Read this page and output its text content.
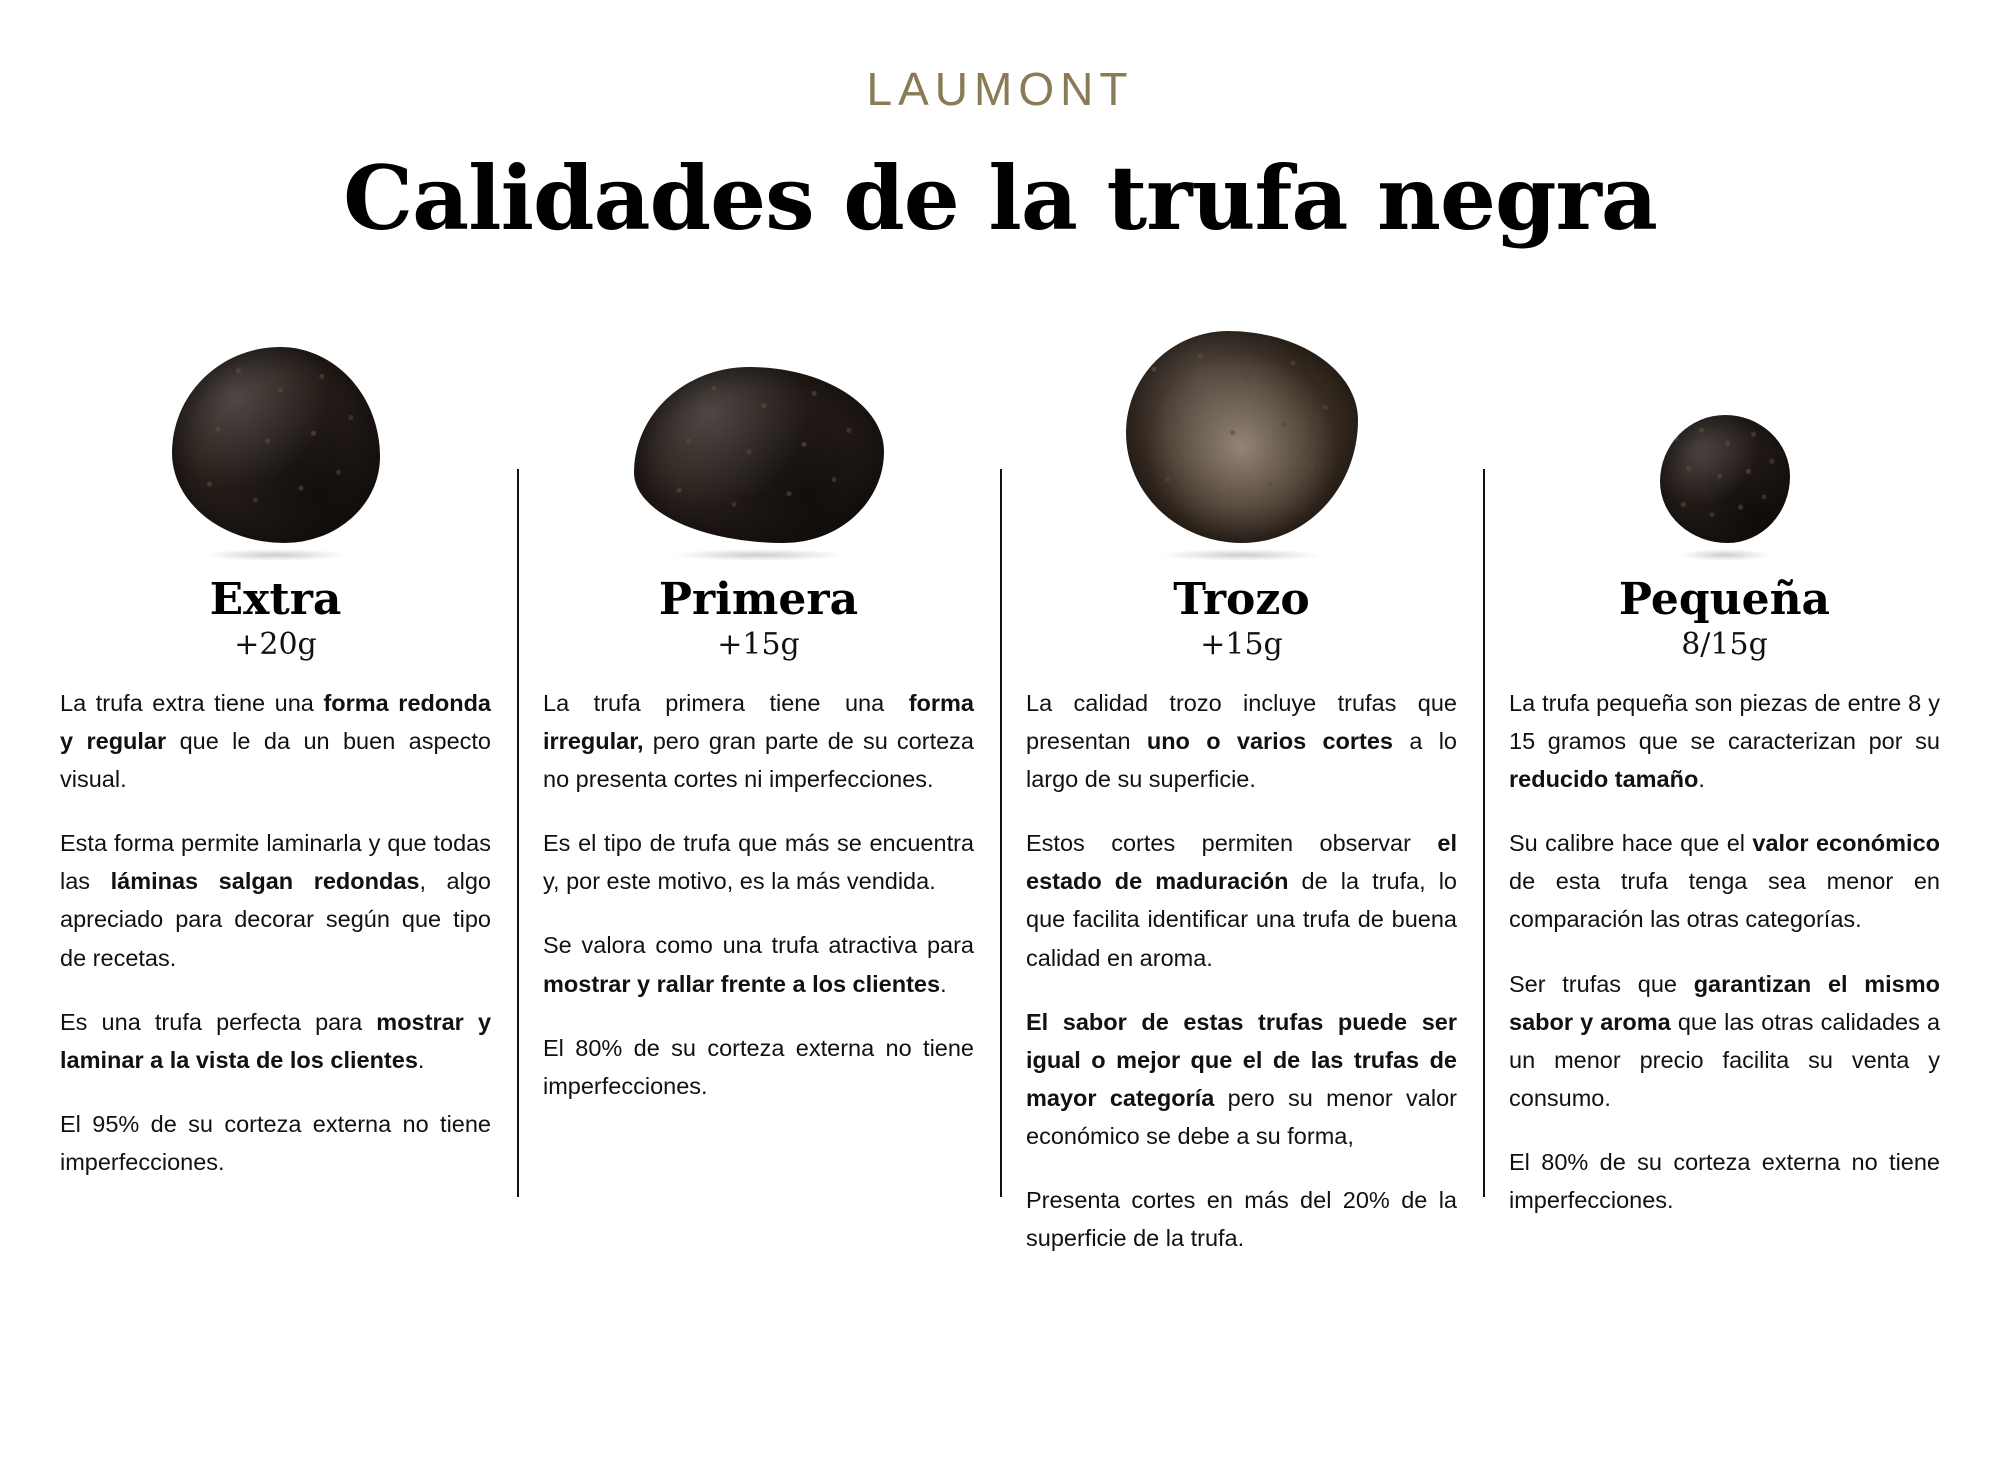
LAUMONT
Calidades de la trufa negra
Extra
+20g

La trufa extra tiene una forma redonda y regular que le da un buen aspecto visual.

Esta forma permite laminarla y que todas las láminas salgan redondas, algo apreciado para decorar según que tipo de recetas.

Es una trufa perfecta para mostrar y laminar a la vista de los clientes.

El 95% de su corteza externa no tiene imperfecciones.

Primera
+15g

La trufa primera tiene una forma irregular, pero gran parte de su corteza no presenta cortes ni imperfecciones.

Es el tipo de trufa que más se encuentra y, por este motivo, es la más vendida.

Se valora como una trufa atractiva para mostrar y rallar frente a los clientes.

El 80% de su corteza externa no tiene imperfecciones.

Trozo
+15g

La calidad trozo incluye trufas que presentan uno o varios cortes a lo largo de su superficie.

Estos cortes permiten observar el estado de maduración de la trufa, lo que facilita identificar una trufa de buena calidad en aroma.

El sabor de estas trufas puede ser igual o mejor que el de las trufas de mayor categoría pero su menor valor económico se debe a su forma,

Presenta cortes en más del 20% de la superficie de la trufa.

Pequeña
8/15g

La trufa pequeña son piezas de entre 8 y 15 gramos que se caracterizan por su reducido tamaño.

Su calibre hace que el valor económico de esta trufa tenga sea menor en comparación las otras categorías.

Ser trufas que garantizan el mismo sabor y aroma que las otras calidades a un menor precio facilita su venta y consumo.

El 80% de su corteza externa no tiene imperfecciones.
